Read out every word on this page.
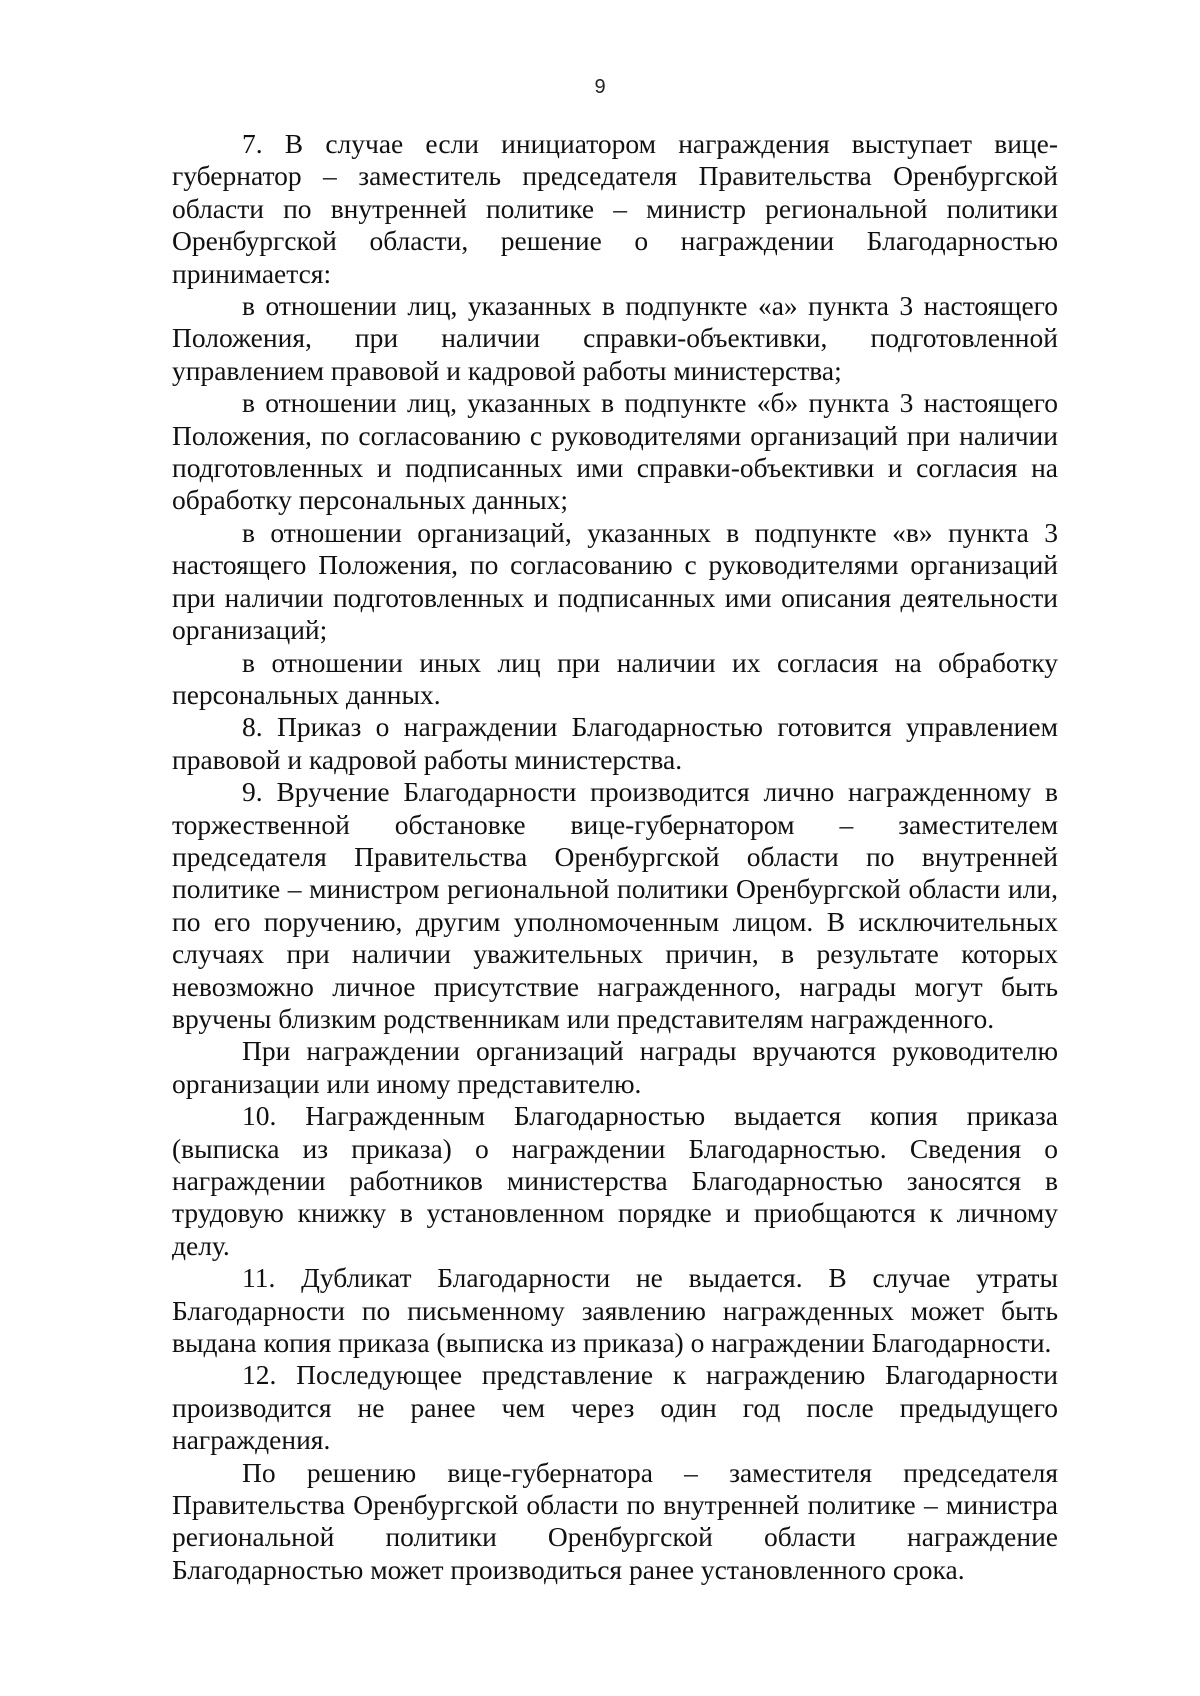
9

7. В случае если инициатором награждения выступает вице-губернатор – заместитель председателя Правительства Оренбургской области по внутренней политике – министр региональной политики Оренбургской области, решение о награждении Благодарностью принимается:

в отношении лиц, указанных в подпункте «а» пункта 3 настоящего Положения, при наличии справки-объективки, подготовленной управлением правовой и кадровой работы министерства;

в отношении лиц, указанных в подпункте «б» пункта 3 настоящего Положения, по согласованию с руководителями организаций при наличии подготовленных и подписанных ими справки-объективки и согласия на обработку персональных данных;

в отношении организаций, указанных в подпункте «в» пункта 3 настоящего Положения, по согласованию с руководителями организаций при наличии подготовленных и подписанных ими описания деятельности организаций;

в отношении иных лиц при наличии их согласия на обработку персональных данных.

8. Приказ о награждении Благодарностью готовится управлением правовой и кадровой работы министерства.

9. Вручение Благодарности производится лично награжденному в торжественной обстановке вице-губернатором – заместителем председателя Правительства Оренбургской области по внутренней политике – министром региональной политики Оренбургской области или, по его поручению, другим уполномоченным лицом. В исключительных случаях при наличии уважительных причин, в результате которых невозможно личное присутствие награжденного, награды могут быть вручены близким родственникам или представителям награжденного.

При награждении организаций награды вручаются руководителю организации или иному представителю.

10. Награжденным Благодарностью выдается копия приказа (выписка из приказа) о награждении Благодарностью. Сведения о награждении работников министерства Благодарностью заносятся в трудовую книжку в установленном порядке и приобщаются к личному делу.

11. Дубликат Благодарности не выдается. В случае утраты Благодарности по письменному заявлению награжденных может быть выдана копия приказа (выписка из приказа) о награждении Благодарности.

12. Последующее представление к награждению Благодарности производится не ранее чем через один год после предыдущего награждения.

По решению вице-губернатора – заместителя председателя Правительства Оренбургской области по внутренней политике – министра региональной политики Оренбургской области награждение Благодарностью может производиться ранее установленного срока.
